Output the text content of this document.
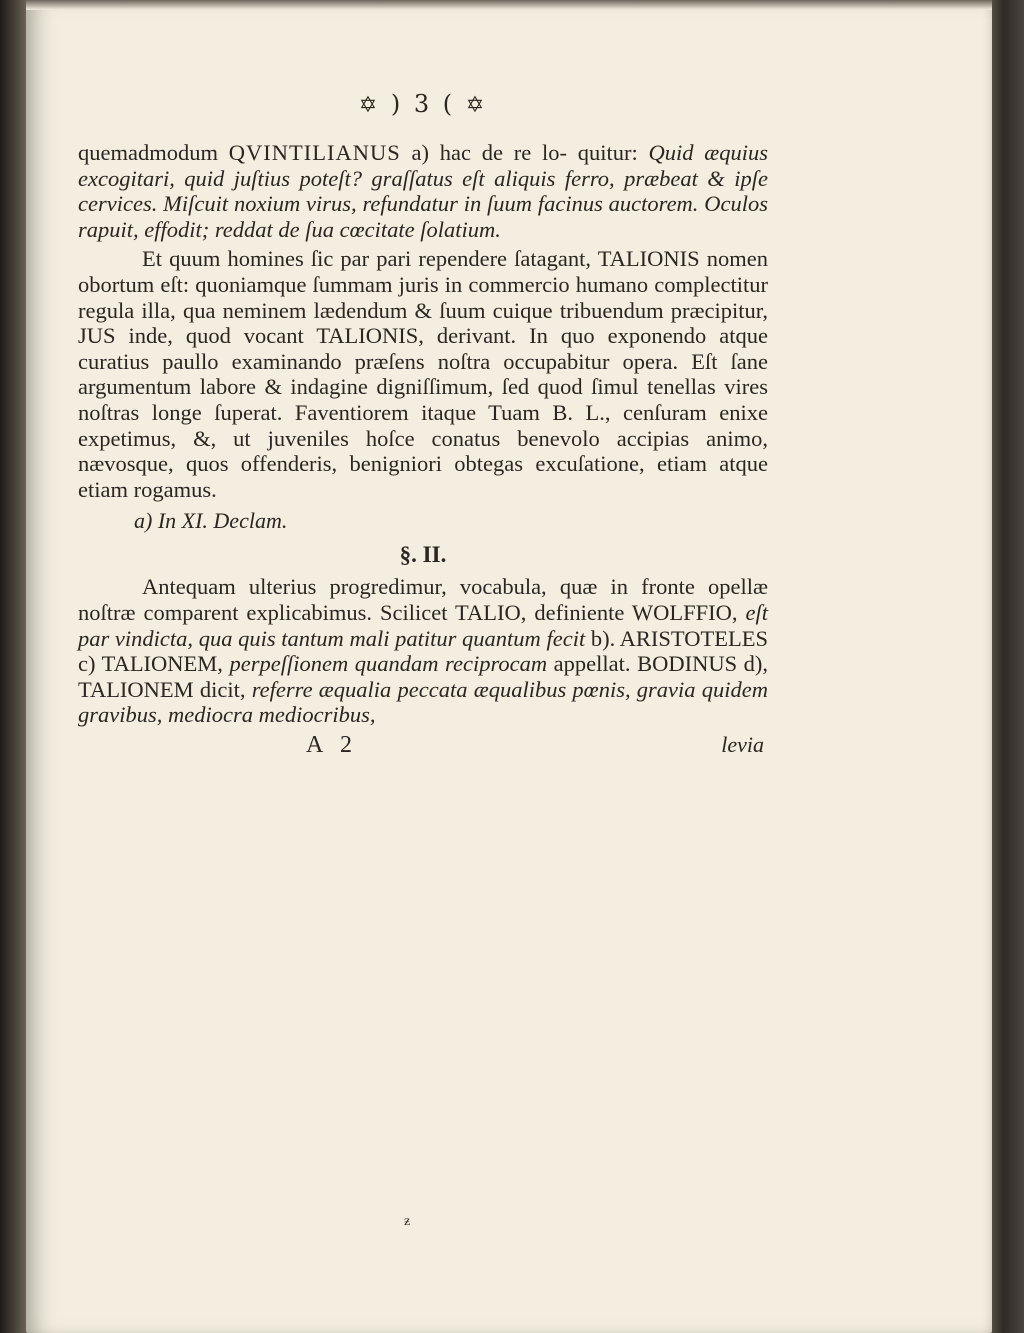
✡ ) 3 ( ✡

quemadmodum QVINTILIANUS a) hac de re lo- quitur: Quid æquius excogitari, quid juſtius poteſt? graſſatus eſt aliquis ferro, præbeat & ipſe cervices. Miſcuit noxium virus, refundatur in ſuum facinus auctorem. Oculos rapuit, effodit; reddat de ſua cœcitate ſolatium.

Et quum homines ſic par pari rependere ſatagant, TALIONIS nomen obortum eſt: quoniamque ſummam juris in commercio humano complectitur regula illa, qua neminem lædendum & ſuum cuique tribuendum præcipitur, JUS inde, quod vocant TALIONIS, derivant. In quo exponendo atque curatius paullo examinando præſens noſtra occupabitur opera. Eſt ſane argumentum labore & indagine digniſſimum, ſed quod ſimul tenellas vires noſtras longe ſuperat. Faventiorem itaque Tuam B. L., cenſuram enixe expetimus, &, ut juveniles hoſce conatus benevolo accipias animo, nævosque, quos offenderis, benigniori obtegas excuſatione, etiam atque etiam rogamus.

a) In XI. Declam.
§. II.

Antequam ulterius progredimur, vocabula, quæ in fronte opellæ noſtræ comparent explicabimus. Scilicet TALIO, definiente WOLFFIO, eſt par vindicta, qua quis tantum mali patitur quantum fecit b). ARISTOTELES c) TALIONEM, perpeſſionem quandam reciprocam appellat. BODINUS d), TALIONEM dicit, referre æqualia peccata æqualibus pœnis, gravia quidem gravibus, mediocra mediocribus,

A 2	levia
ƶ
